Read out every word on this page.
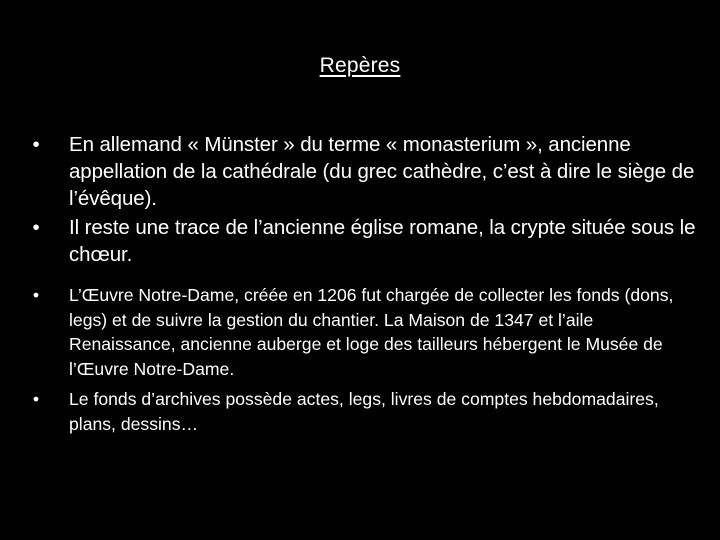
Repères
• En allemand « Münster » du terme « monasterium », ancienne appellation de la cathédrale (du grec cathèdre, c’est à dire le siège de l’évêque).
• Il reste une trace de l’ancienne église romane, la crypte située sous le chœur.
• L’Œuvre Notre-Dame, créée en 1206 fut chargée de collecter les fonds (dons, legs) et de suivre la gestion du chantier. La Maison de 1347 et l’aile Renaissance, ancienne auberge et loge des tailleurs hébergent le Musée de l’Œuvre Notre-Dame.
• Le fonds d’archives possède actes, legs, livres de comptes hebdomadaires, plans, dessins…
